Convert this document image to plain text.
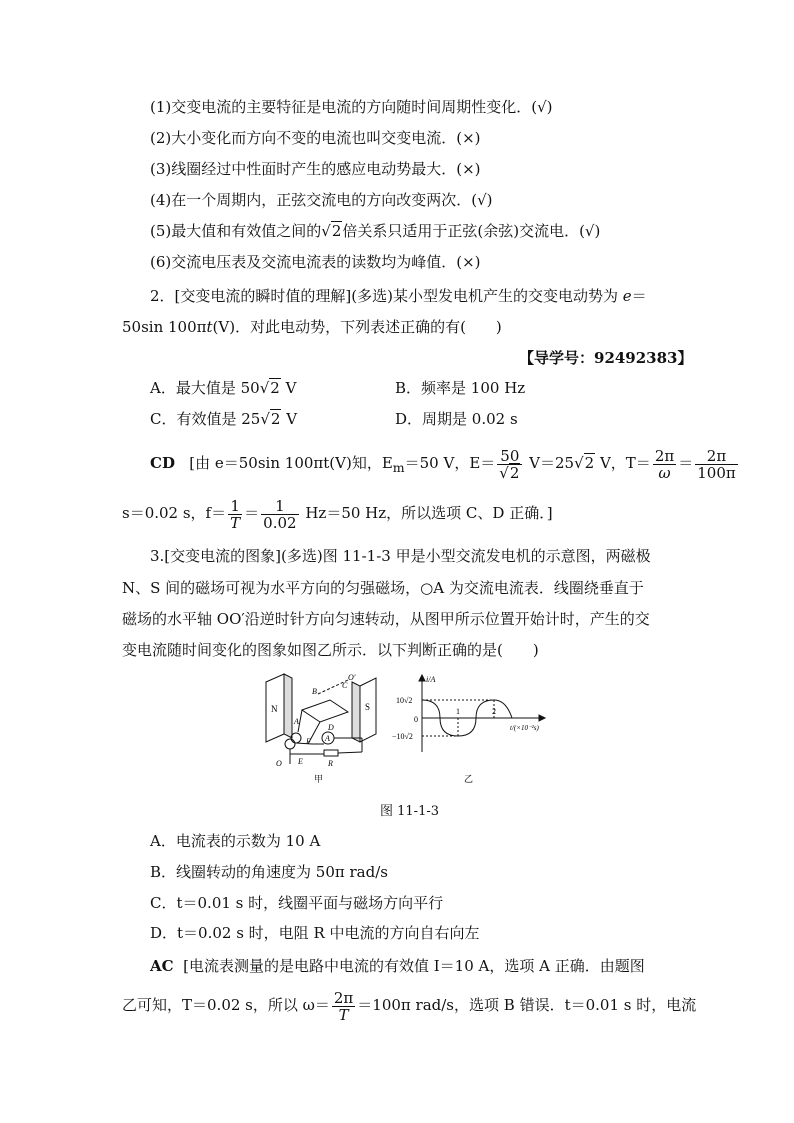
(1)交变电流的主要特征是电流的方向随时间周期性变化．(√)
(2)大小变化而方向不变的电流也叫交变电流．(×)
(3)线圈经过中性面时产生的感应电动势最大．(×)
(4)在一个周期内，正弦交流电的方向改变两次．(√)
(5)最大值和有效值之间的√2倍关系只适用于正弦(余弦)交流电．(√)
(6)交流电压表及交流电流表的读数均为峰值．(×)
2．[交变电流的瞬时值的理解](多选)某小型发电机产生的交变电动势为 e＝
50sin 100πt(V)．对此电动势，下列表述正确的有(　　)
【导学号：92492383】
A．最大值是 50√2 V	B．频率是 100 Hz
C．有效值是 25√2 V	D．周期是 0.02 s
CD [由 e＝50sin 100πt(V)知，$E_m=50$ V，$E= \frac{50}{√2} V=25√2$ V，$T= \frac{2\pi}{\omega} = \frac{2\pi}{100\pi}$
s＝0.02 s，$f= \frac{1}{T} = \frac{1}{0.02} Hz=50$ Hz，所以选项 C、D 正确．]
3.[交变电流的图象](多选)图 11-1-3 甲是小型交流发电机的示意图，两磁极
N、S 间的磁场可视为水平方向的匀强磁场，○A 为交流电流表．线圈绕垂直于
磁场的水平轴 OO′沿逆时针方向匀速转动，从图甲所示位置开始计时，产生的交
变电流随时间变化的图象如图乙所示．以下判断正确的是(　　)
N	S
B
C
O′
A
D
F A
E	R
O
甲
i/A
10√2
−10√2
0
1	2
t/(×10⁻²s)
乙
图 11-1-3
A．电流表的示数为 10 A
B．线圈转动的角速度为 50π rad/s
C．t＝0.01 s 时，线圈平面与磁场方向平行
D．t＝0.02 s 时，电阻 R 中电流的方向自右向左
AC [电流表测量的是电路中电流的有效值 I＝10 A，选项 A 正确．由题图
乙可知，T＝0.02 s，所以 $\omega= \frac{2\pi}{T} =100\pi$ rad/s，选项 B 错误．t＝0.01 s 时，电流
